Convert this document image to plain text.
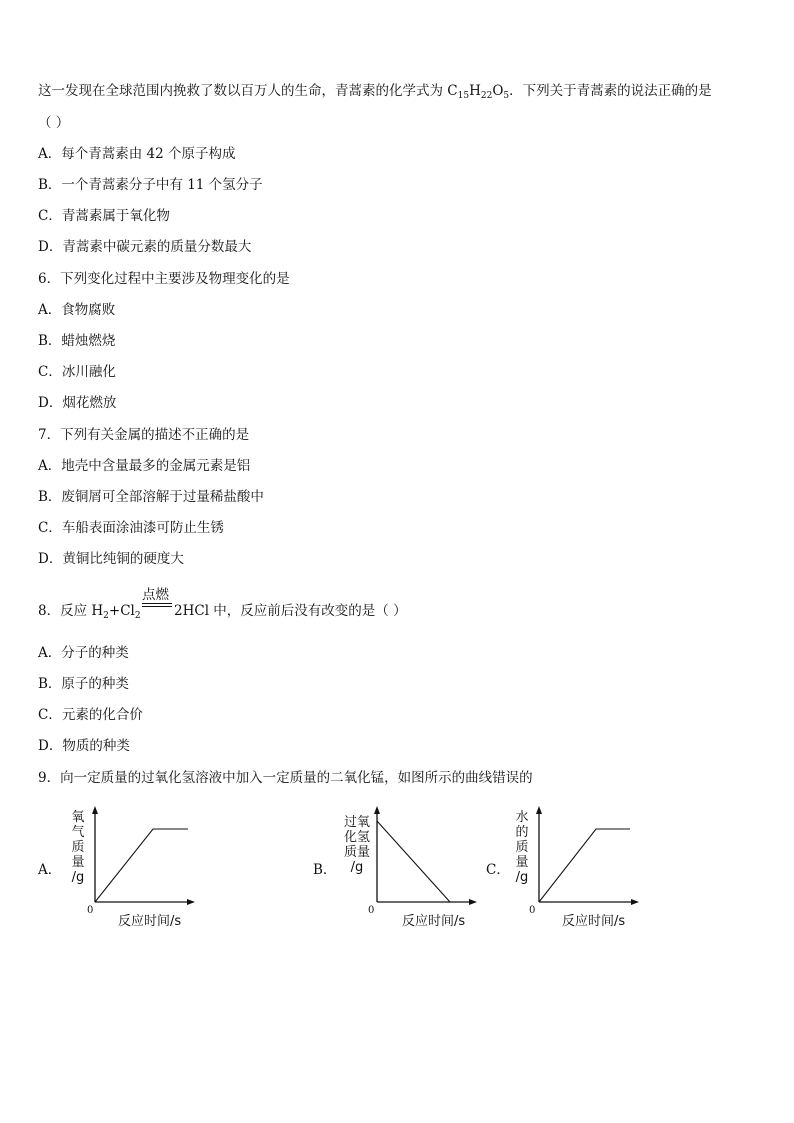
这一发现在全球范围内挽救了数以百万人的生命，青蒿素的化学式为 $C_{15}H_{22}O_5$．下列关于青蒿素的说法正确的是
（ ）
A．每个青蒿素由 42 个原子构成
B．一个青蒿素分子中有 11 个氢分子
C．青蒿素属于氧化物
D．青蒿素中碳元素的质量分数最大
6．下列变化过程中主要涉及物理变化的是
A．食物腐败
B．蜡烛燃烧
C．冰川融化
D．烟花燃放
7．下列有关金属的描述不正确的是
A．地壳中含量最多的金属元素是铝
B．废铜屑可全部溶解于过量稀盐酸中
C．车船表面涂油漆可防止生锈
D．黄铜比纯铜的硬度大
点燃
8．反应 $H_2+Cl_2$ 2HCl 中，反应前后没有改变的是（ ）
A．分子的种类
B．原子的种类
C．元素的化合价
D．物质的种类
9．向一定质量的过氧化氢溶液中加入一定质量的二氧化锰，如图所示的曲线错误的
A．
氧
气
质
量
/g
0
反应时间/s
B．
过氧
化氢
质量
/g
0
反应时间/s
C．
水
的
质
量
/g
0
反应时间/s
